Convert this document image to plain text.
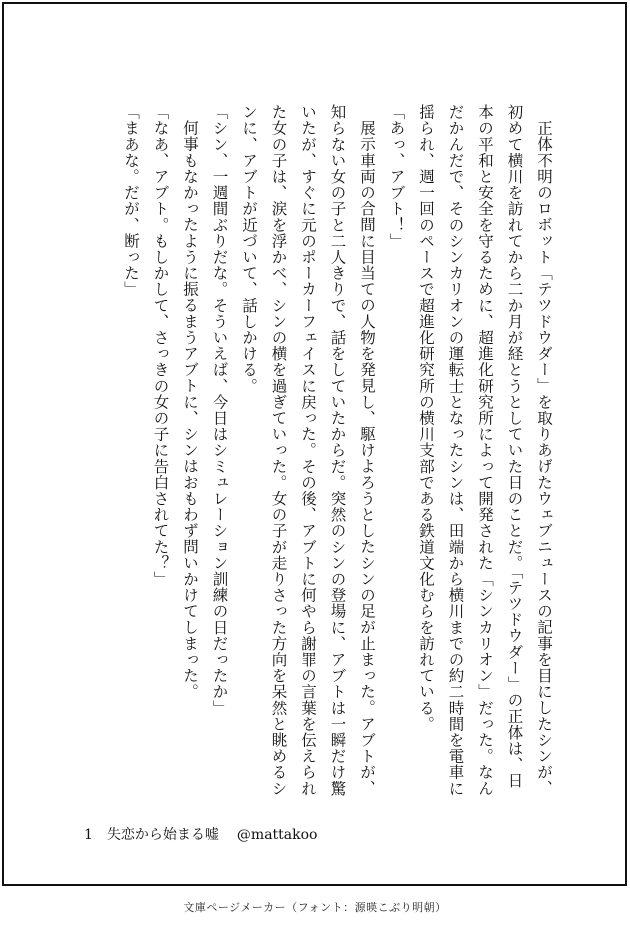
正体不明のロボット「テツドウダー」を取りあげたウェブニュースの記事を目にしたシンが、初めて横川を訪れてから二か月が経とうとしていた日のことだ。「テツドウダー」の正体は、日本の平和と安全を守るために、超進化研究所によって開発された「シンカリオン」だった。なんだかんだで、そのシンカリオンの運転士となったシンは、田端から横川までの約二時間を電車に揺られ、週一回のペースで超進化研究所の横川支部である鉄道文化むらを訪れている。

「あっ、アブト！」

展示車両の合間に目当ての人物を発見し、駆けよろうとしたシンの足が止まった。アブトが、知らない女の子と二人きりで、話をしていたからだ。突然のシンの登場に、アブトは一瞬だけ驚いたが、すぐに元のポーカーフェイスに戻った。その後、アブトに何やら謝罪の言葉を伝えられた女の子は、涙を浮かべ、シンの横を過ぎていった。女の子が走りさった方向を呆然と眺めるシンに、アブトが近づいて、話しかける。

「シン、一週間ぶりだな。そういえば、今日はシミュレーション訓練の日だったか」

何事もなかったように振るまうアブトに、シンはおもわず問いかけてしまった。

「なあ、アブト。もしかして、さっきの女の子に告白されてた？」

「まあな。だが、断った」

1 失恋から始まる嘘 @mattakoo
文庫ページメーカー（フォント：源暎こぶり明朝）
